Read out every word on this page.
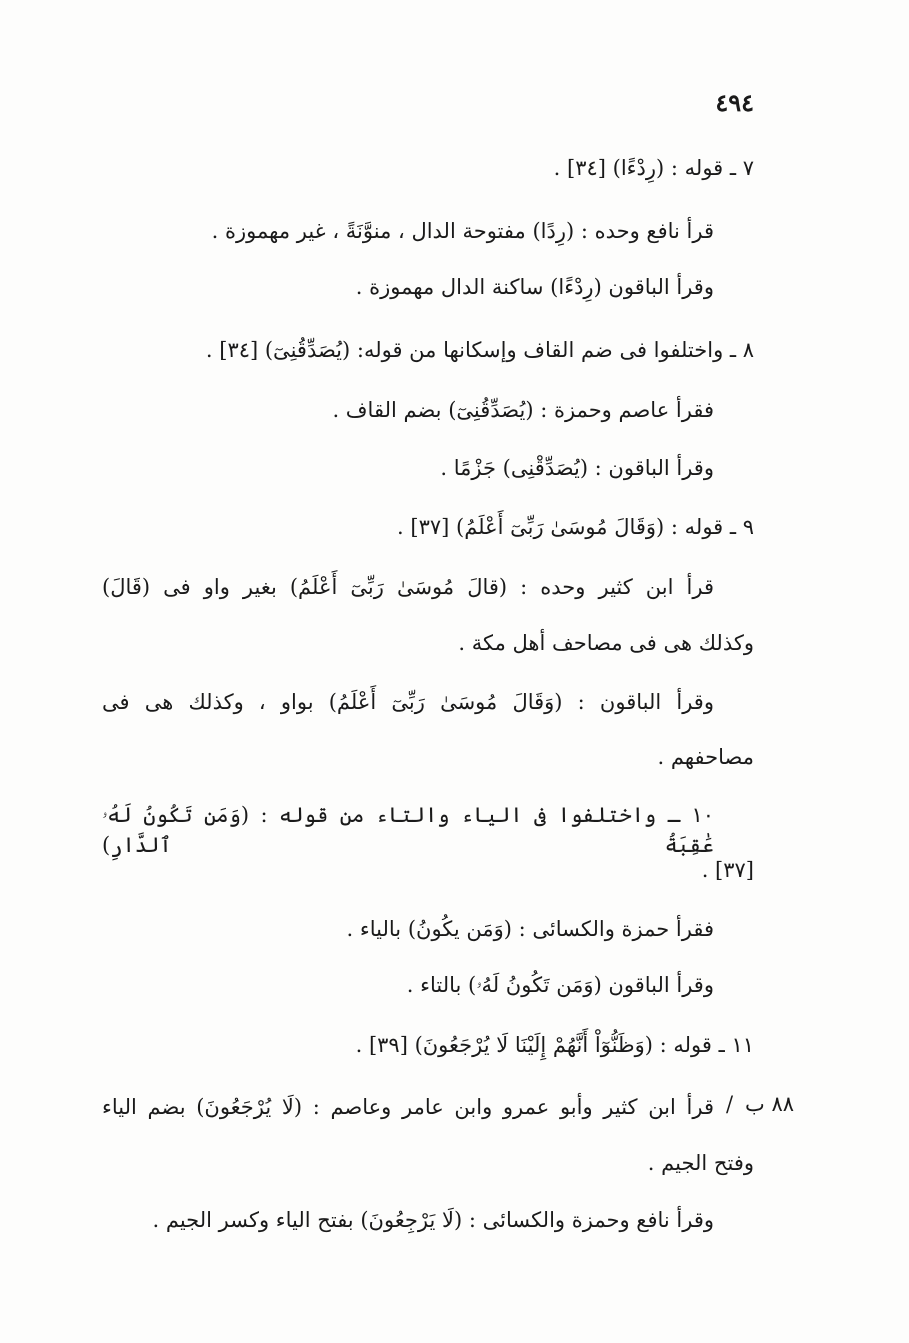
٤٩٤
٧ ـ قوله : (رِدْءًا) [٣٤] .
قرأ نافع وحده : (رِدًا) مفتوحة الدال ، منوَّنَةً ، غير مهموزة .
وقرأ الباقون (رِدْءًا) ساكنة الدال مهموزة .
٨ ـ واختلفوا فى ضم القاف وإسكانها من قوله: (يُصَدِّقُنِىٓ) [٣٤] .
فقرأ عاصم وحمزة : (يُصَدِّقُنِىٓ) بضم القاف .
وقرأ الباقون : (يُصَدِّقْنِى) جَزْمًا .
٩ ـ قوله : (وَقَالَ مُوسَىٰ رَبِّىٓ أَعْلَمُ) [٣٧] .
قرأ ابن كثير وحده : (قالَ مُوسَىٰ رَبِّىٓ أَعْلَمُ) بغير واو فى (قَالَ)
وكذلك هى فى مصاحف أهل مكة .
وقرأ الباقون : (وَقَالَ مُوسَىٰ رَبِّىٓ أَعْلَمُ) بواو ، وكذلك هى فى
مصاحفهم .
١٠ ـ واختلفوا فى الياء والتاء من قوله : (وَمَن تَكُونُ لَهُۥ عَٰقِبَةُ ٱلدَّارِ)
[٣٧] .
فقرأ حمزة والكسائى : (وَمَن يكُونُ) بالياء .
وقرأ الباقون (وَمَن تَكُونُ لَهُۥ) بالتاء .
١١ ـ قوله : (وَظَنُّوٓاْ أَنَّهُمْ إِلَيْنَا لَا يُرْجَعُونَ) [٣٩] .
٨٨ ب
/
قرأ ابن كثير وأبو عمرو وابن عامر وعاصم : (لَا يُرْجَعُونَ) بضم الياء
وفتح الجيم .
وقرأ نافع وحمزة والكسائى : (لَا يَرْجِعُونَ) بفتح الياء وكسر الجيم .
